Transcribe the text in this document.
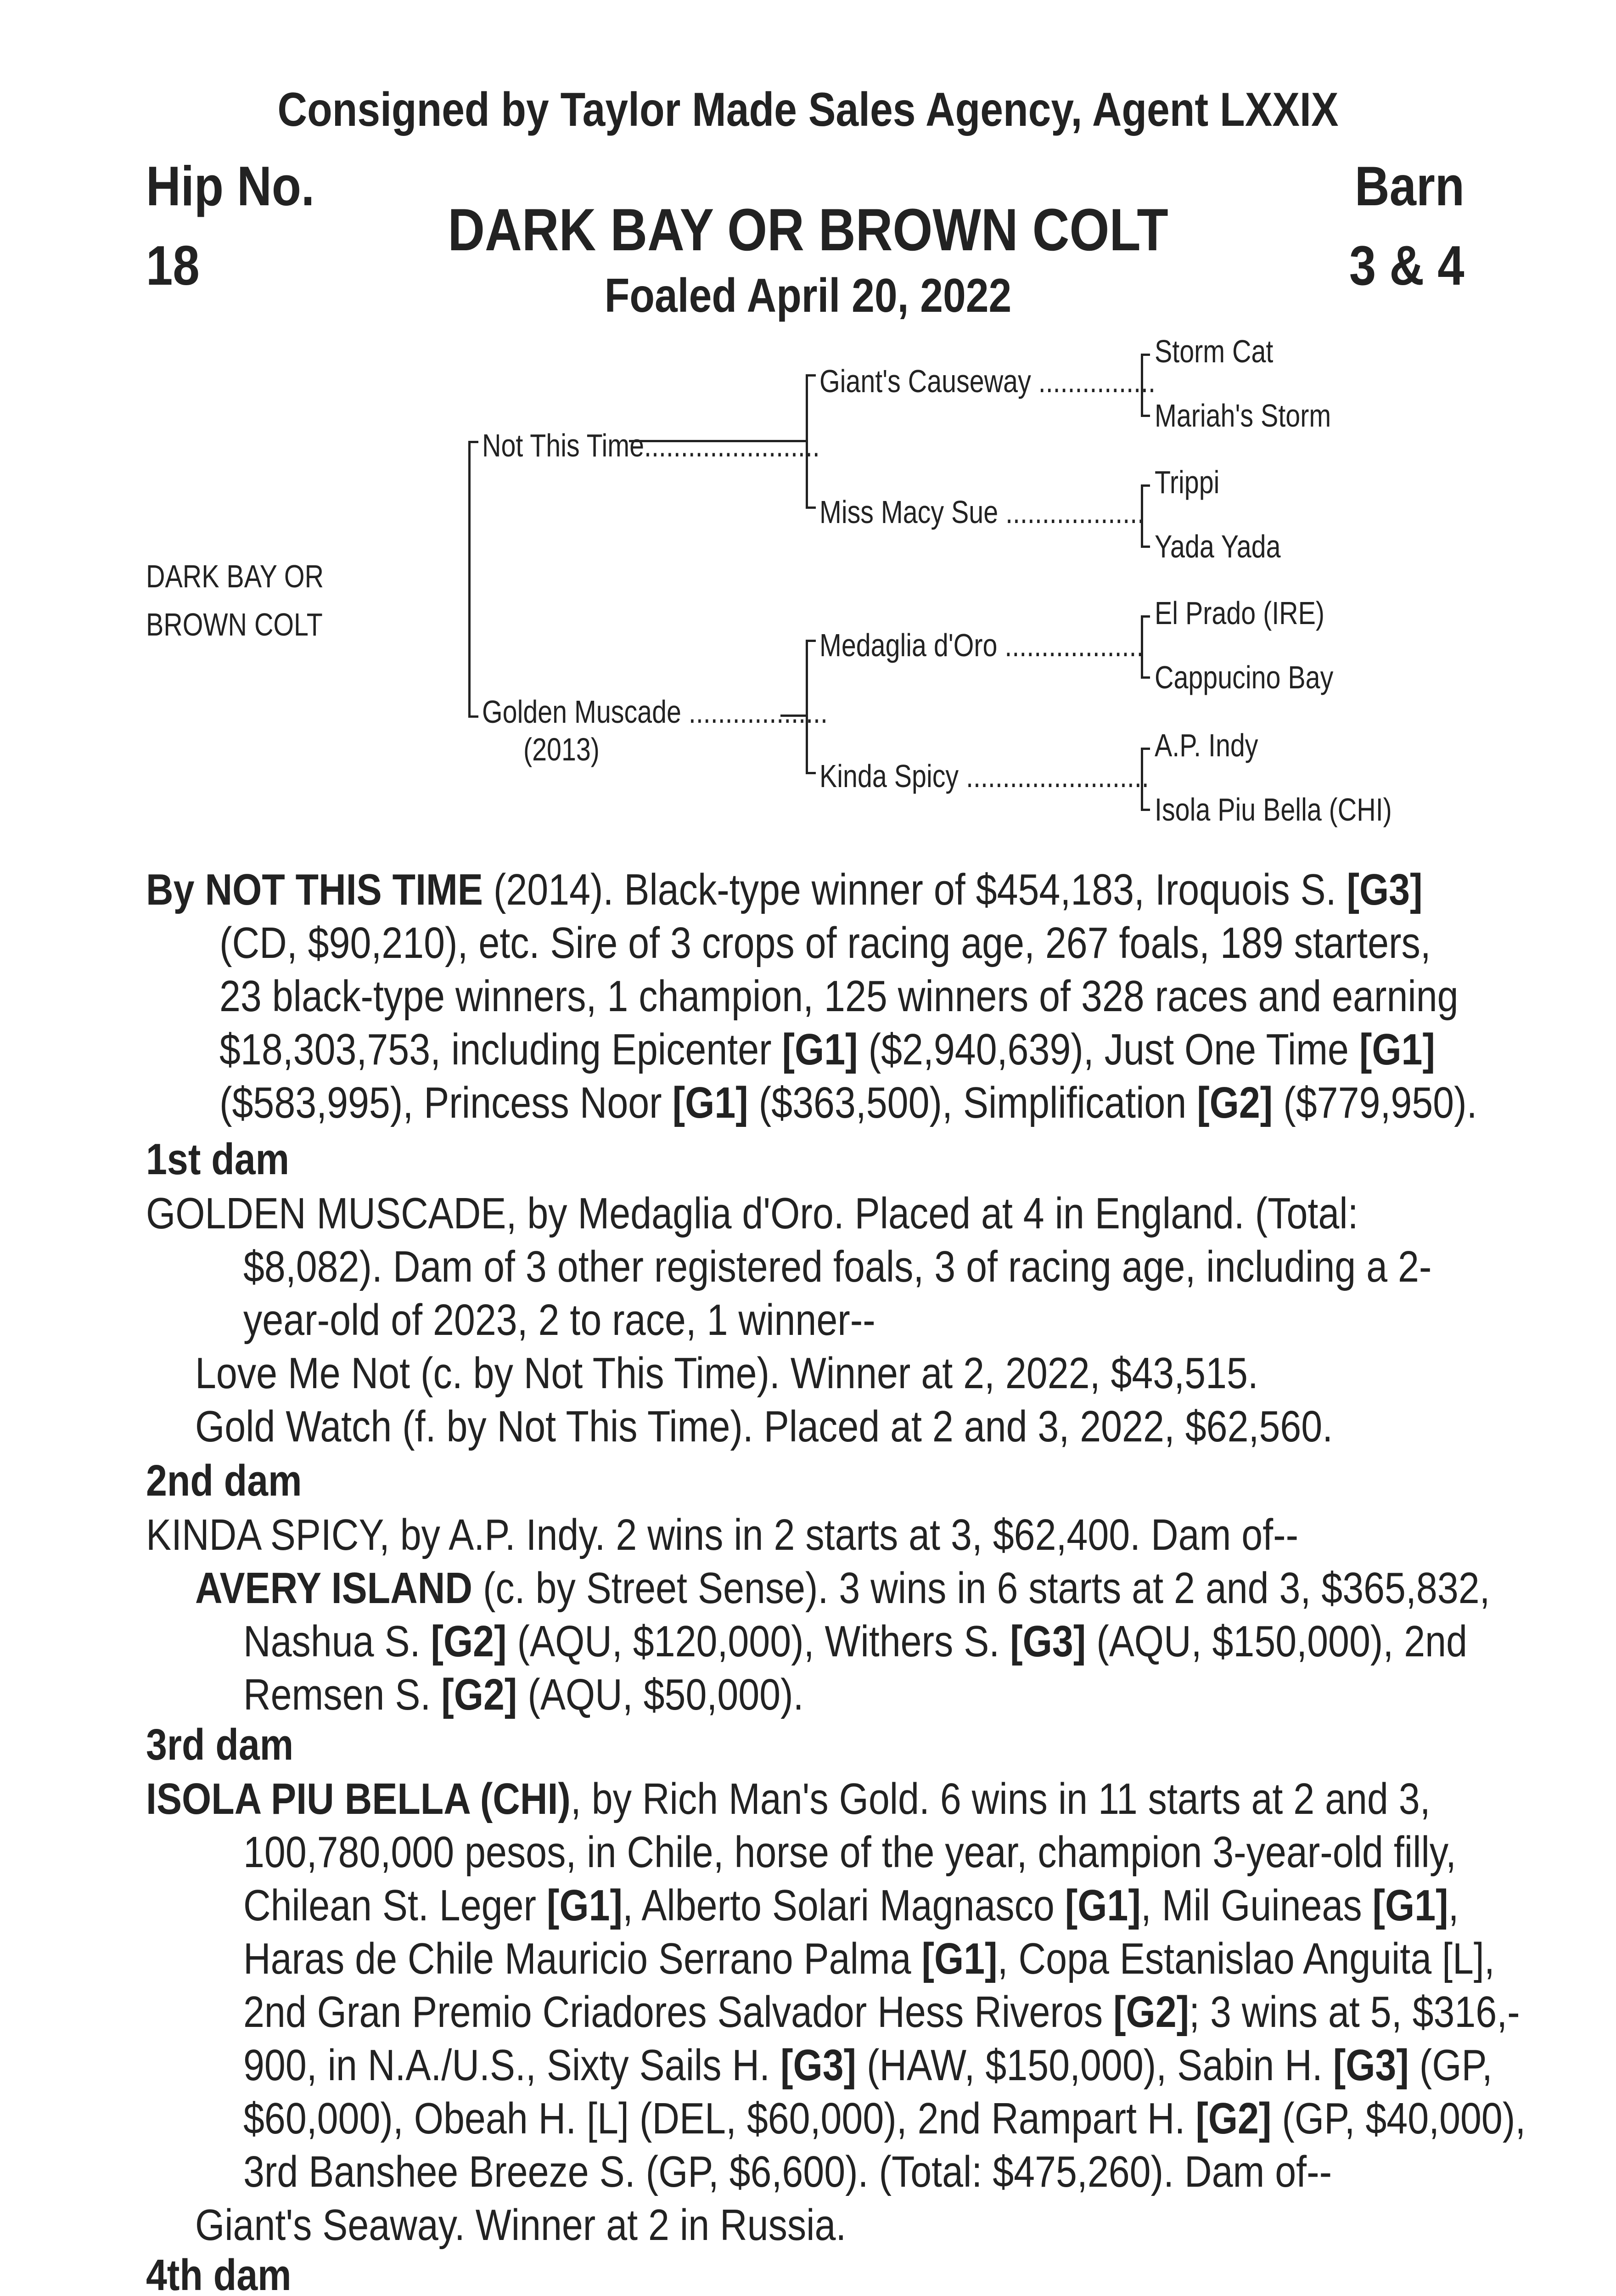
Consigned by Taylor Made Sales Agency, Agent LXXIX
Hip No.
18
Barn
3 & 4
DARK BAY OR BROWN COLT
Foaled April 20, 2022
DARK BAY OR
BROWN COLT
Not This Time........................
Golden Muscade ...................
(2013)
Giant's Causeway ................
Miss Macy Sue ...................
Medaglia d'Oro ...................
Kinda Spicy .........................
Storm Cat
Mariah's Storm
Trippi
Yada Yada
El Prado (IRE)
Cappucino Bay
A.P. Indy
Isola Piu Bella (CHI)
By NOT THIS TIME (2014). Black-type winner of $454,183, Iroquois S. [G3]
(CD, $90,210), etc. Sire of 3 crops of racing age, 267 foals, 189 starters,
23 black-type winners, 1 champion, 125 winners of 328 races and earning
$18,303,753, including Epicenter [G1] ($2,940,639), Just One Time [G1]
($583,995), Princess Noor [G1] ($363,500), Simplification [G2] ($779,950).
1st dam
GOLDEN MUSCADE, by Medaglia d'Oro. Placed at 4 in England. (Total:
$8,082). Dam of 3 other registered foals, 3 of racing age, including a 2-
year-old of 2023, 2 to race, 1 winner--
Love Me Not (c. by Not This Time). Winner at 2, 2022, $43,515.
Gold Watch (f. by Not This Time). Placed at 2 and 3, 2022, $62,560.
2nd dam
KINDA SPICY, by A.P. Indy. 2 wins in 2 starts at 3, $62,400. Dam of--
AVERY ISLAND (c. by Street Sense). 3 wins in 6 starts at 2 and 3, $365,832,
Nashua S. [G2] (AQU, $120,000), Withers S. [G3] (AQU, $150,000), 2nd
Remsen S. [G2] (AQU, $50,000).
3rd dam
ISOLA PIU BELLA (CHI), by Rich Man's Gold. 6 wins in 11 starts at 2 and 3,
100,780,000 pesos, in Chile, horse of the year, champion 3-year-old filly,
Chilean St. Leger [G1], Alberto Solari Magnasco [G1], Mil Guineas [G1],
Haras de Chile Mauricio Serrano Palma [G1], Copa Estanislao Anguita [L],
2nd Gran Premio Criadores Salvador Hess Riveros [G2]; 3 wins at 5, $316,-
900, in N.A./U.S., Sixty Sails H. [G3] (HAW, $150,000), Sabin H. [G3] (GP,
$60,000), Obeah H. [L] (DEL, $60,000), 2nd Rampart H. [G2] (GP, $40,000),
3rd Banshee Breeze S. (GP, $6,600). (Total: $475,260). Dam of--
Giant's Seaway. Winner at 2 in Russia.
4th dam
